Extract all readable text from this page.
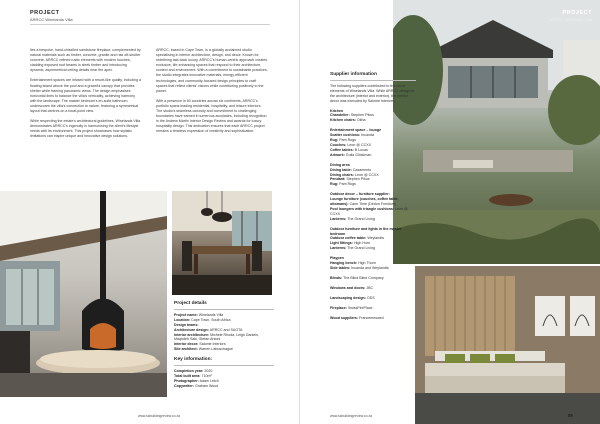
PROJECT
ARRCC Winelands Villa

lies a bespoke, hand-chiselled sandstone fireplace, complemented by natural materials such as timber, concrete, granite and raw off-shutter concrete. ARRCC refined rustic elements with modern touches, cladding exposed roof beams in sleek timber and introducing dynamic, asymmetrical ceiling details near the apex.

Entertainment spaces are infused with a resort-like quality, including a floating island above the pool and a graceful canopy that provides shelter while framing panoramic views. The design emphasises horizontal lines to balance the villa's verticality, achieving harmony with the landscape. The master bedroom's en-suite bathroom underscores the villa's connection to nature, featuring a symmetrical layout that centres on a focal-point view.

While respecting the estate's architectural guidelines, Winelands Villa demonstrates ARRCC's ingenuity in harmonising the client's lifestyle needs with its environment. This project showcases how stylistic limitations can inspire unique and innovative design solutions.

ARRCC, based in Cape Town, is a globally acclaimed studio specialising in interior architecture, design, and decor. Known for redefining laid-back luxury, ARRCC's human-centric approach creates exclusive, life-enhancing spaces that respond to their architecture, context and environment. With a commitment to sustainable practices, the studio integrates innovative materials, energy-efficient technologies, and community-focused design principles to craft spaces that reflect clients' visions while contributing positively to the planet.

With a presence in 60 countries across six continents, ARRCC's portfolio spans leading residential, hospitality, and leisure interiors. The studio's seamless curiosity and commitment to challenging boundaries have earned it numerous accolades, including recognition in the Andrew Martin Interior Design Review and awards for luxury hospitality design. This dedication ensures that each ARRCC project remains a timeless expression of creativity and sophistication.

Project details
Project name: Winelands Villa
Location: Cape Town, South Africa
Design teams:
Architecture design: ARRCC and SAOTA
Interior architecture: Michele Rhoda, Leigh Daniels, Maqhdeh Saki, Stefan Antoni
Interior decor: Salomé Interiors
Site architect: Warren Labuschagne
Key information:
Completion year: 2020
Total built area: 710m²
Photographer: Adam Letch
Copywriter: Graham Wood
www.sabuildingreview.co.za
PROJECT
ARRCC Winelands Villa
Supplier information
The following suppliers contributed to the decor elements of Winelands Villa. While ARRCC designed the architecture (interior and exterior), the interior decor was executed by Salomé Interiors.
Kitchen
Chandelier: Stephen Pikus
Kitchen chairs: Okha
Entertainment space – lounge
Scatter cushions: Incanda
Rug: Pam Rugs
Couches: Leon @ CCXX
Coffee tables: B Lucas
Artwork: Guila Glückman
Dining area
Dining table: Casamento
Dining chairs: Leon @ CCXX
Pendant: Stephen Pikus
Rug: Pam Rugs
Outdoor decor – furniture supplier:
Lounge furniture (couches, coffee table, ottomans): Cane Time (Dedon Furniture)
Pool loungers with triangle cushions: Leon @ CCXX
Lanterns: The Grand Living
Outdoor furniture and lights in the master bedroom
Outdoor coffee table: Weylandts
Light fittings: High Horn
Lanterns: The Grand Living
Playpen
Hanging bench: High Thorn
Side tables: Incanda and Weylandts
Blinds: The Blind Blind Company
Windows and doors: JBC
Landscaping design: ODS
Fireplace: SwissFirePlace
Wood suppliers: Francemeswed
www.sabuildingreview.co.za	89
